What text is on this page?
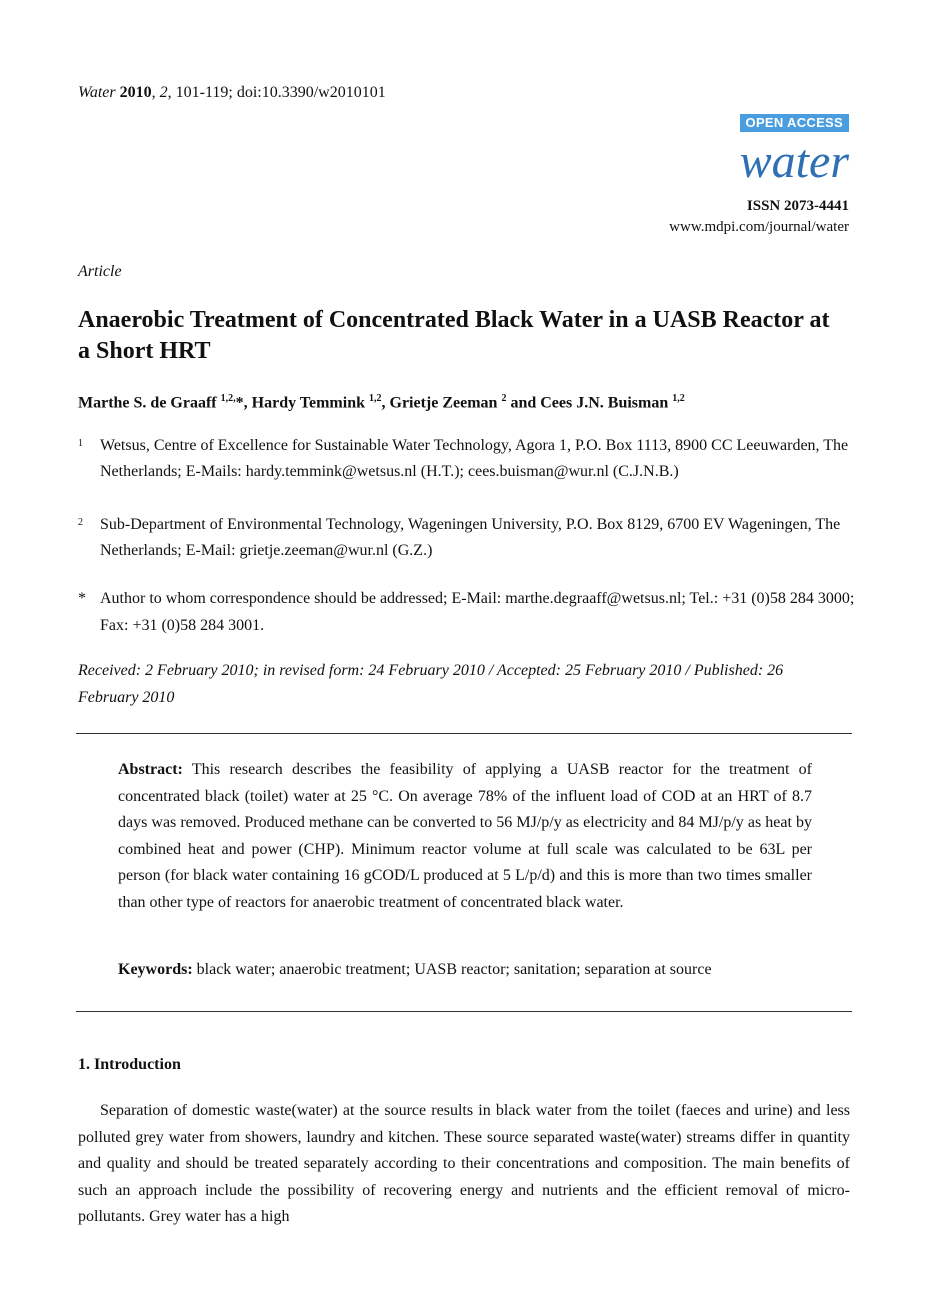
Water 2010, 2, 101-119; doi:10.3390/w2010101
OPEN ACCESS
water
ISSN 2073-4441
www.mdpi.com/journal/water
Article
Anaerobic Treatment of Concentrated Black Water in a UASB Reactor at a Short HRT
Marthe S. de Graaff $^{1,2,}$*, Hardy Temmink $^{1,2}$, Grietje Zeeman $^2$ and Cees J.N. Buisman $^{1,2}$
1 Wetsus, Centre of Excellence for Sustainable Water Technology, Agora 1, P.O. Box 1113, 8900 CC Leeuwarden, The Netherlands; E-Mails: hardy.temmink@wetsus.nl (H.T.); cees.buisman@wur.nl (C.J.N.B.)
2 Sub-Department of Environmental Technology, Wageningen University, P.O. Box 8129, 6700 EV Wageningen, The Netherlands; E-Mail: grietje.zeeman@wur.nl (G.Z.)
* Author to whom correspondence should be addressed; E-Mail: marthe.degraaff@wetsus.nl; Tel.: +31 (0)58 284 3000; Fax: +31 (0)58 284 3001.
Received: 2 February 2010; in revised form: 24 February 2010 / Accepted: 25 February 2010 / Published: 26 February 2010
Abstract: This research describes the feasibility of applying a UASB reactor for the treatment of concentrated black (toilet) water at 25 °C. On average 78% of the influent load of COD at an HRT of 8.7 days was removed. Produced methane can be converted to 56 MJ/p/y as electricity and 84 MJ/p/y as heat by combined heat and power (CHP). Minimum reactor volume at full scale was calculated to be 63L per person (for black water containing 16 gCOD/L produced at 5 L/p/d) and this is more than two times smaller than other type of reactors for anaerobic treatment of concentrated black water.
Keywords: black water; anaerobic treatment; UASB reactor; sanitation; separation at source
1. Introduction
Separation of domestic waste(water) at the source results in black water from the toilet (faeces and urine) and less polluted grey water from showers, laundry and kitchen. These source separated waste(water) streams differ in quantity and quality and should be treated separately according to their concentrations and composition. The main benefits of such an approach include the possibility of recovering energy and nutrients and the efficient removal of micro-pollutants. Grey water has a high
